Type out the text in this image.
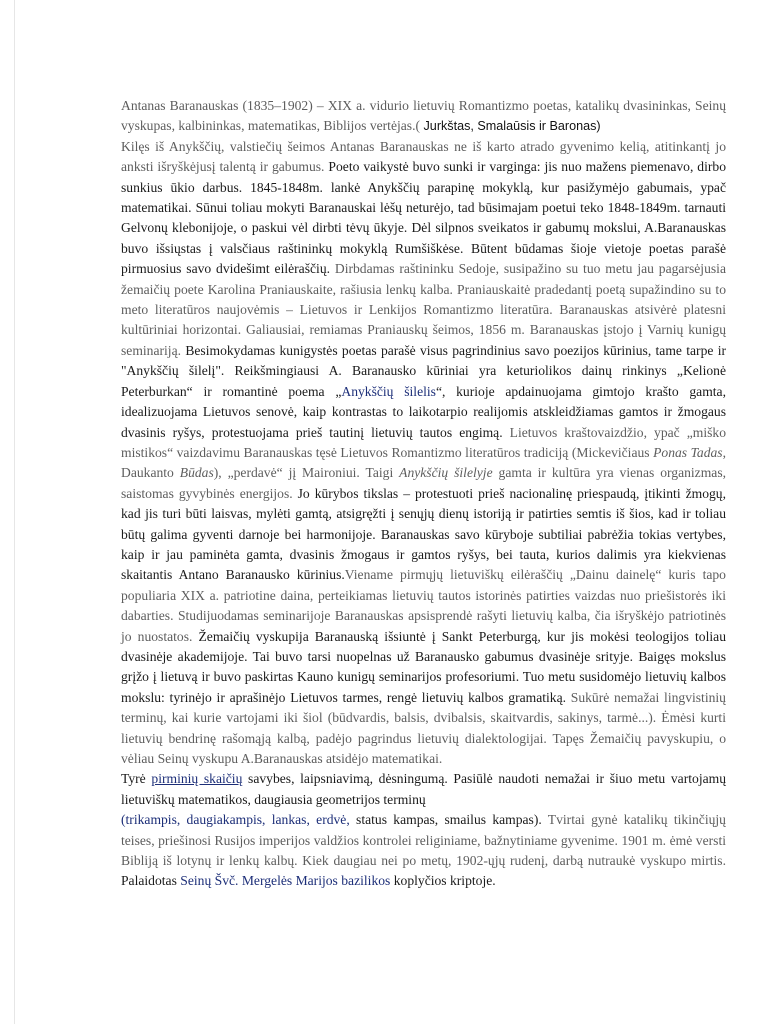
Antanas Baranauskas (1835–1902) – XIX a. vidurio lietuvių Romantizmo poetas, katalikų dvasininkas, Seinų vyskupas, kalbininkas, matematikas, Biblijos vertėjas.( Jurkštas, Smalaūsis ir Baronas)

Kilęs iš Anykščių, valstiečių šeimos Antanas Baranauskas ne iš karto atrado gyvenimo kelią, atitinkantį jo anksti išryškėjusį talentą ir gabumus. Poeto vaikystė buvo sunki ir varginga: jis nuo mažens piemenavo, dirbo sunkius ūkio darbus. 1845-1848m. lankė Anykščių parapinę mokyklą, kur pasižymėjo gabumais, ypač matematikai. Sūnui toliau mokyti Baranauskai lėšų neturėjo, tad būsimajam poetui teko 1848-1849m. tarnauti Gelvonų klebonijoje, o paskui vėl dirbti tėvų ūkyje. Dėl silpnos sveikatos ir gabumų mokslui, A.Baranauskas buvo išsiųstas į valsčiaus raštininkų mokyklą Rumšiškėse. Būtent būdamas šioje vietoje poetas parašė pirmuosius savo dvidešimt eilėraščių. Dirbdamas raštininku Sedoje, susipažino su tuo metu jau pagarsėjusia žemaičių poete Karolina Praniauskaite, rašiusia lenkų kalba. Praniauskaitė pradedantį poetą supažindino su to meto literatūros naujovėmis – Lietuvos ir Lenkijos Romantizmo literatūra. Baranauskas atsivėrė platesni kultūriniai horizontai. Galiausiai, remiamas Praniauskų šeimos, 1856 m. Baranauskas įstojo į Varnių kunigų seminariją. Besimokydamas kunigystės poetas parašė visus pagrindinius savo poezijos kūrinius, tame tarpe ir "Anykščių šilelį". Reikšmingiausi A. Baranausko kūriniai yra keturiolikos dainų rinkinys „Kelionė Peterburkan“ ir romantinė poema „Anykščių šilelis“, kurioje apdainuojama gimtojo krašto gamta, idealizuojama Lietuvos senovė, kaip kontrastas to laikotarpio realijomis atskleidžiamas gamtos ir žmogaus dvasinis ryšys, protestuojama prieš tautinį lietuvių tautos engimą. Lietuvos kraštovaizdžio, ypač „miško mistikos“ vaizdavimu Baranauskas tęsė Lietuvos Romantizmo literatūros tradiciją (Mickevičiaus Ponas Tadas, Daukanto Būdas), „perdavė“ jį Maironiui. Taigi Anykščių šilelyje gamta ir kultūra yra vienas organizmas, saistomas gyvybinės energijos. Jo kūrybos tikslas – protestuoti prieš nacionalinę priespaudą, įtikinti žmogų, kad jis turi būti laisvas, mylėti gamtą, atsigręžti į senųjų dienų istoriją ir patirties semtis iš šios, kad ir toliau būtų galima gyventi darnoje bei harmonijoje. Baranauskas savo kūryboje subtiliai pabrėžia tokias vertybes, kaip ir jau paminėta gamta, dvasinis žmogaus ir gamtos ryšys, bei tauta, kurios dalimis yra kiekvienas skaitantis Antano Baranausko kūrinius.Viename pirmųjų lietuviškų eilėraščių „Dainu dainelę“ kuris tapo populiaria XIX a. patriotine daina, perteikiamas lietuvių tautos istorinės patirties vaizdas nuo priešistorės iki dabarties. Studijuodamas seminarijoje Baranauskas apsisprendė rašyti lietuvių kalba, čia išryškėjo patriotinės jo nuostatos. Žemaičių vyskupija Baranauską išsiuntė į Sankt Peterburgą, kur jis mokėsi teologijos toliau dvasinėje akademijoje. Tai buvo tarsi nuopelnas už Baranausko gabumus dvasinėje srityje. Baigęs mokslus grįžo į lietuvą ir buvo paskirtas Kauno kunigų seminarijos profesoriumi. Tuo metu susidomėjo lietuvių kalbos mokslu: tyrinėjo ir aprašinėjo Lietuvos tarmes, rengė lietuvių kalbos gramatiką. Sukūrė nemažai lingvistinių terminų, kai kurie vartojami iki šiol (būdvardis, balsis, dvibalsis, skaitvardis, sakinys, tarmė...). Ėmėsi kurti lietuvių bendrinę rašomąją kalbą, padėjo pagrindus lietuvių dialektologijai. Tapęs Žemaičių pavyskupiu, o vėliau Seinų vyskupu A.Baranauskas atsidėjo matematikai.

Tyrė pirminių skaičių savybes, laipsniavimą, dėsningumą. Pasiūlė naudoti nemažai ir šiuo metu vartojamų lietuviškų matematikos, daugiausia geometrijos terminų

(trikampis, daugiakampis, lankas, erdvė, status kampas, smailus kampas). Tvirtai gynė katalikų tikinčiųjų teises, priešinosi Rusijos imperijos valdžios kontrolei religiniame, bažnytiniame gyvenime. 1901 m. ėmė versti Bibliją iš lotynų ir lenkų kalbų. Kiek daugiau nei po metų, 1902-ųjų rudenį, darbą nutraukė vyskupo mirtis. Palaidotas Seinų Švč. Mergelės Marijos bazilikos koplyčios kriptoje.
